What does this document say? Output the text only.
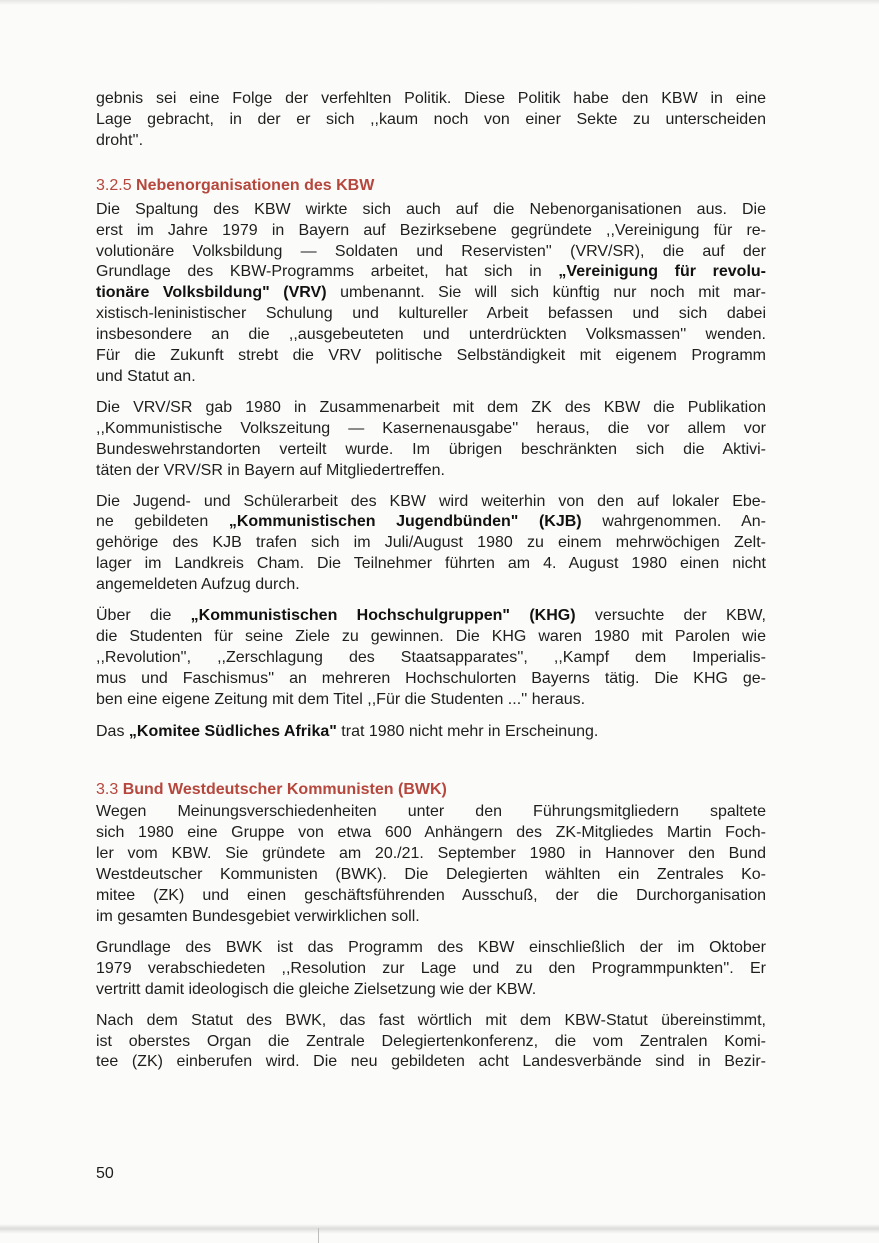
gebnis sei eine Folge der verfehlten Politik. Diese Politik habe den KBW in eine

Lage gebracht, in der er sich ,,kaum noch von einer Sekte zu unterscheiden

droht''.

3.2.5 Nebenorganisationen des KBW

Die Spaltung des KBW wirkte sich auch auf die Nebenorganisationen aus. Die

erst im Jahre 1979 in Bayern auf Bezirksebene gegründete ,,Vereinigung für re-

volutionäre Volksbildung — Soldaten und Reservisten'' (VRV/SR), die auf der

Grundlage des KBW-Programms arbeitet, hat sich in „Vereinigung für revolu-

tionäre Volksbildung" (VRV) umbenannt. Sie will sich künftig nur noch mit mar-

xistisch-leninistischer Schulung und kultureller Arbeit befassen und sich dabei

insbesondere an die ,,ausgebeuteten und unterdrückten Volksmassen'' wenden.

Für die Zukunft strebt die VRV politische Selbständigkeit mit eigenem Programm

und Statut an.

Die VRV/SR gab 1980 in Zusammenarbeit mit dem ZK des KBW die Publikation

,,Kommunistische Volkszeitung — Kasernenausgabe'' heraus, die vor allem vor

Bundeswehrstandorten verteilt wurde. Im übrigen beschränkten sich die Aktivi-

täten der VRV/SR in Bayern auf Mitgliedertreffen.

Die Jugend- und Schülerarbeit des KBW wird weiterhin von den auf lokaler Ebe-

ne gebildeten „Kommunistischen Jugendbünden" (KJB) wahrgenommen. An-

gehörige des KJB trafen sich im Juli/August 1980 zu einem mehrwöchigen Zelt-

lager im Landkreis Cham. Die Teilnehmer führten am 4. August 1980 einen nicht

angemeldeten Aufzug durch.

Über die „Kommunistischen Hochschulgruppen" (KHG) versuchte der KBW,

die Studenten für seine Ziele zu gewinnen. Die KHG waren 1980 mit Parolen wie

,,Revolution'', ,,Zerschlagung des Staatsapparates'', ,,Kampf dem Imperialis-

mus und Faschismus'' an mehreren Hochschulorten Bayerns tätig. Die KHG ge-

ben eine eigene Zeitung mit dem Titel ,,Für die Studenten ...'' heraus.

Das „Komitee Südliches Afrika" trat 1980 nicht mehr in Erscheinung.

3.3 Bund Westdeutscher Kommunisten (BWK)

Wegen Meinungsverschiedenheiten unter den Führungsmitgliedern spaltete

sich 1980 eine Gruppe von etwa 600 Anhängern des ZK-Mitgliedes Martin Foch-

ler vom KBW. Sie gründete am 20./21. September 1980 in Hannover den Bund

Westdeutscher Kommunisten (BWK). Die Delegierten wählten ein Zentrales Ko-

mitee (ZK) und einen geschäftsführenden Ausschuß, der die Durchorganisation

im gesamten Bundesgebiet verwirklichen soll.

Grundlage des BWK ist das Programm des KBW einschließlich der im Oktober

1979 verabschiedeten ,,Resolution zur Lage und zu den Programmpunkten''. Er

vertritt damit ideologisch die gleiche Zielsetzung wie der KBW.

Nach dem Statut des BWK, das fast wörtlich mit dem KBW-Statut übereinstimmt,

ist oberstes Organ die Zentrale Delegiertenkonferenz, die vom Zentralen Komi-

tee (ZK) einberufen wird. Die neu gebildeten acht Landesverbände sind in Bezir-

50
